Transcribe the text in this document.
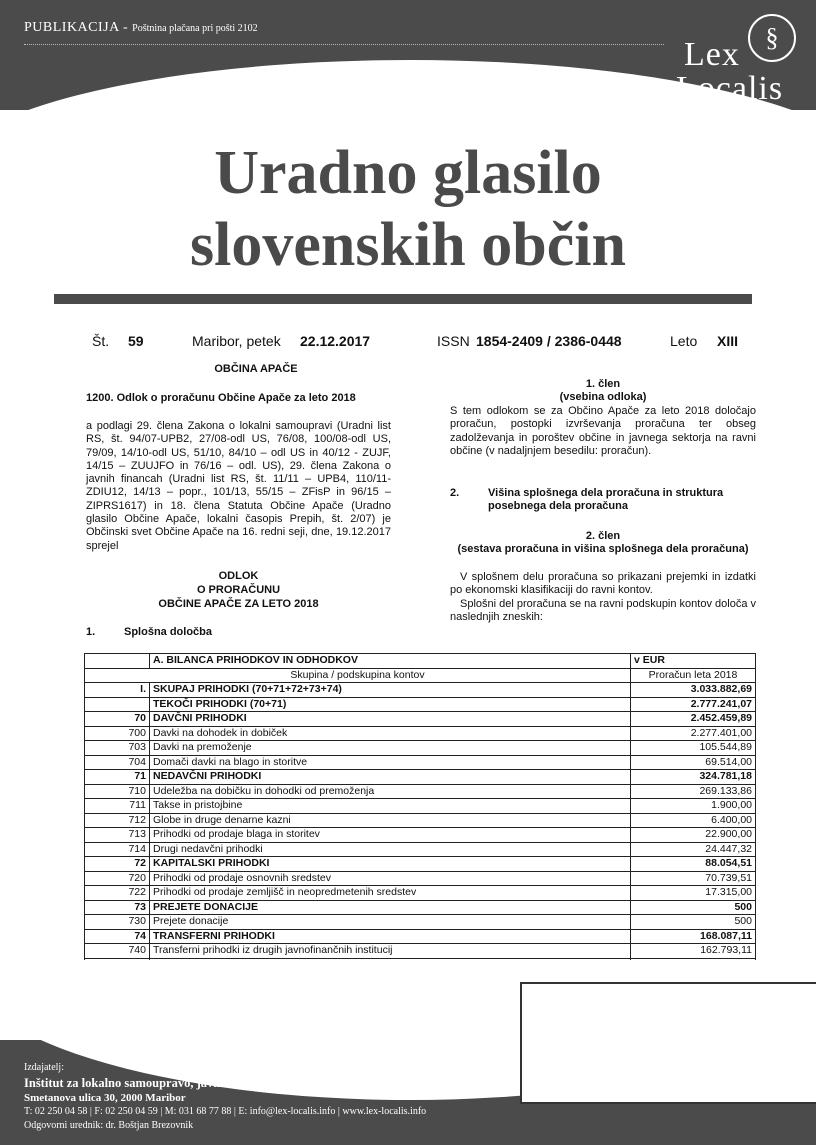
PUBLIKACIJA - Poštnina plačana pri pošti 2102	§
Lex
Localis
Uradno glasilo
slovenskih občin
Št. 59	Maribor, petek 22.12.2017	ISSN 1854-2409 / 2386-0448	Leto XIII
OBČINA APAČE
1200. Odlok o proračunu Občine Apače za leto 2018
a podlagi 29. člena Zakona o lokalni samoupravi (Uradni list RS, št. 94/07-UPB2, 27/08-odl US, 76/08, 100/08-odl US, 79/09, 14/10-odl US, 51/10, 84/10 – odl US in 40/12 - ZUJF, 14/15 – ZUUJFO in 76/16 – odl. US), 29. člena Zakona o javnih financah (Uradni list RS, št. 11/11 – UPB4, 110/11-ZDIU12, 14/13 – popr., 101/13, 55/15 – ZFisP in 96/15 – ZIPRS1617) in 18. člena Statuta Občine Apače (Uradno glasilo Občine Apače, lokalni časopis Prepih, št. 2/07) je Občinski svet Občine Apače na 16. redni seji, dne, 19.12.2017 sprejel
ODLOK
O PRORAČUNU
OBČINE APAČE ZA LETO 2018
1.	Splošna določba
1. člen
(vsebina odloka)
S tem odlokom se za Občino Apače za leto 2018 določajo proračun, postopki izvrševanja proračuna ter obseg zadolževanja in poroštev občine in javnega sektorja na ravni občine (v nadaljnjem besedilu: proračun).
2.	Višina splošnega dela proračuna in struktura posebnega dela proračuna
2. člen
(sestava proračuna in višina splošnega dela proračuna)
V splošnem delu proračuna so prikazani prejemki in izdatki po ekonomski klasifikaciji do ravni kontov.
Splošni del proračuna se na ravni podskupin kontov določa v naslednjih zneskih:
	A. BILANCA PRIHODKOV IN ODHODKOV	v EUR
Skupina / podskupina kontov		Proračun leta 2018
I.	SKUPAJ PRIHODKI (70+71+72+73+74)	3.033.882,69
	TEKOČI PRIHODKI (70+71)	2.777.241,07
70	DAVČNI PRIHODKI	2.452.459,89
700	Davki na dohodek in dobiček	2.277.401,00
703	Davki na premoženje	105.544,89
704	Domači davki na blago in storitve	69.514,00
71	NEDAVČNI PRIHODKI	324.781,18
710	Udeležba na dobičku in dohodki od premoženja	269.133,86
711	Takse in pristojbine	1.900,00
712	Globe in druge denarne kazni	6.400,00
713	Prihodki od prodaje blaga in storitev	22.900,00
714	Drugi nedavčni prihodki	24.447,32
72	KAPITALSKI PRIHODKI	88.054,51
720	Prihodki od prodaje osnovnih sredstev	70.739,51
722	Prihodki od prodaje zemljišč in neopredmetenih sredstev	17.315,00
73	PREJETE DONACIJE	500
730	Prejete donacije	500
74	TRANSFERNI PRIHODKI	168.087,11
740	Transferni prihodki iz drugih javnofinančnih institucij	162.793,11

Izdajatelj:
Inštitut za lokalno samoupravo, javne službe in javno-zasebno partnerstvo Maribor
Smetanova ulica 30, 2000 Maribor
T: 02 250 04 58 | F: 02 250 04 59 | M: 031 68 77 88 | E: info@lex-localis.info | www.lex-localis.info
Odgovorni urednik: dr. Boštjan Brezovnik
